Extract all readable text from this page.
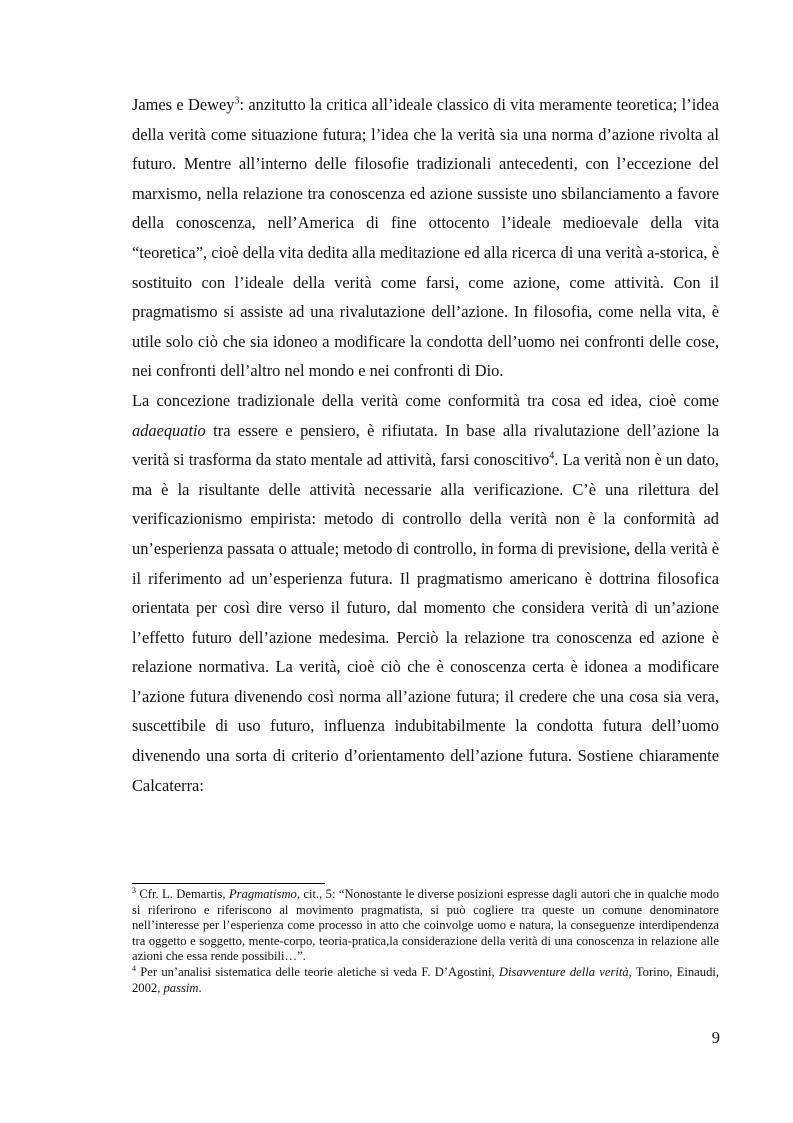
James e Dewey$^3$: anzitutto la critica all’ideale classico di vita meramente teoretica; l’idea della verità come situazione futura; l’idea che la verità sia una norma d’azione rivolta al futuro. Mentre all’interno delle filosofie tradizionali antecedenti, con l’eccezione del marxismo, nella relazione tra conoscenza ed azione sussiste uno sbilanciamento a favore della conoscenza, nell’America di fine ottocento l’ideale medioevale della vita “teoretica”, cioè della vita dedita alla meditazione ed alla ricerca di una verità a-storica, è sostituito con l’ideale della verità come farsi, come azione, come attività. Con il pragmatismo si assiste ad una rivalutazione dell’azione. In filosofia, come nella vita, è utile solo ciò che sia idoneo a modificare la condotta dell’uomo nei confronti delle cose, nei confronti dell’altro nel mondo e nei confronti di Dio.

La concezione tradizionale della verità come conformità tra cosa ed idea, cioè come adaequatio tra essere e pensiero, è rifiutata. In base alla rivalutazione dell’azione la verità si trasforma da stato mentale ad attività, farsi conoscitivo$^4$. La verità non è un dato, ma è la risultante delle attività necessarie alla verificazione. C’è una rilettura del verificazionismo empirista: metodo di controllo della verità non è la conformità ad un’esperienza passata o attuale; metodo di controllo, in forma di previsione, della verità è il riferimento ad un’esperienza futura. Il pragmatismo americano è dottrina filosofica orientata per così dire verso il futuro, dal momento che considera verità di un’azione l’effetto futuro dell’azione medesima. Perciò la relazione tra conoscenza ed azione è relazione normativa. La verità, cioè ciò che è conoscenza certa è idonea a modificare l’azione futura divenendo così norma all’azione futura; il credere che una cosa sia vera, suscettibile di uso futuro, influenza indubitabilmente la condotta futura dell’uomo divenendo una sorta di criterio d’orientamento dell’azione futura. Sostiene chiaramente Calcaterra:

$^3$ Cfr. L. Demartis, Pragmatismo, cit., 5: “Nonostante le diverse posizioni espresse dagli autori che in qualche modo si riferirono e riferiscono al movimento pragmatista, si può cogliere tra queste un comune denominatore nell’interesse per l’esperienza come processo in atto che coinvolge uomo e natura, la conseguenze interdipendenza tra oggetto e soggetto, mente-corpo, teoria-pratica,la considerazione della verità di una conoscenza in relazione alle azioni che essa rende possibili…”.

$^4$ Per un’analisi sistematica delle teorie aletiche si veda F. D’Agostini, Disavventure della verità, Torino, Einaudi, 2002, passim.

9
